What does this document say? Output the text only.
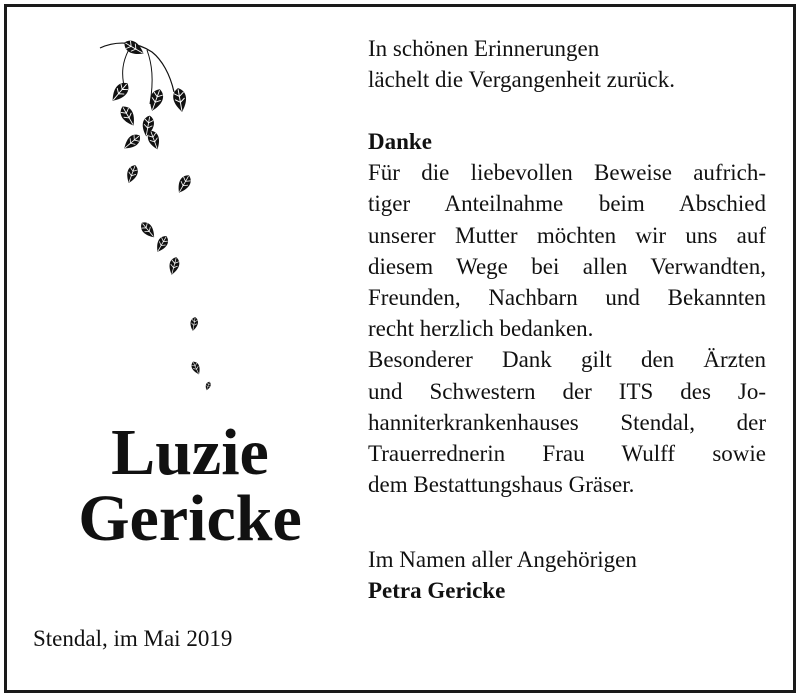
Luzie
Gericke
Stendal, im Mai 2019

In schönen Erinnerungen

lächelt die Vergangenheit zurück.

Danke

Für die liebevollen Beweise aufrich-

tiger Anteilnahme beim Abschied

unserer Mutter möchten wir uns auf

diesem Wege bei allen Verwandten,

Freunden, Nachbarn und Bekannten

recht herzlich bedanken.

Besonderer Dank gilt den Ärzten

und Schwestern der ITS des Jo-

hanniterkrankenhauses Stendal, der

Trauerrednerin Frau Wulff sowie

dem Bestattungshaus Gräser.

Im Namen aller Angehörigen

Petra Gericke
